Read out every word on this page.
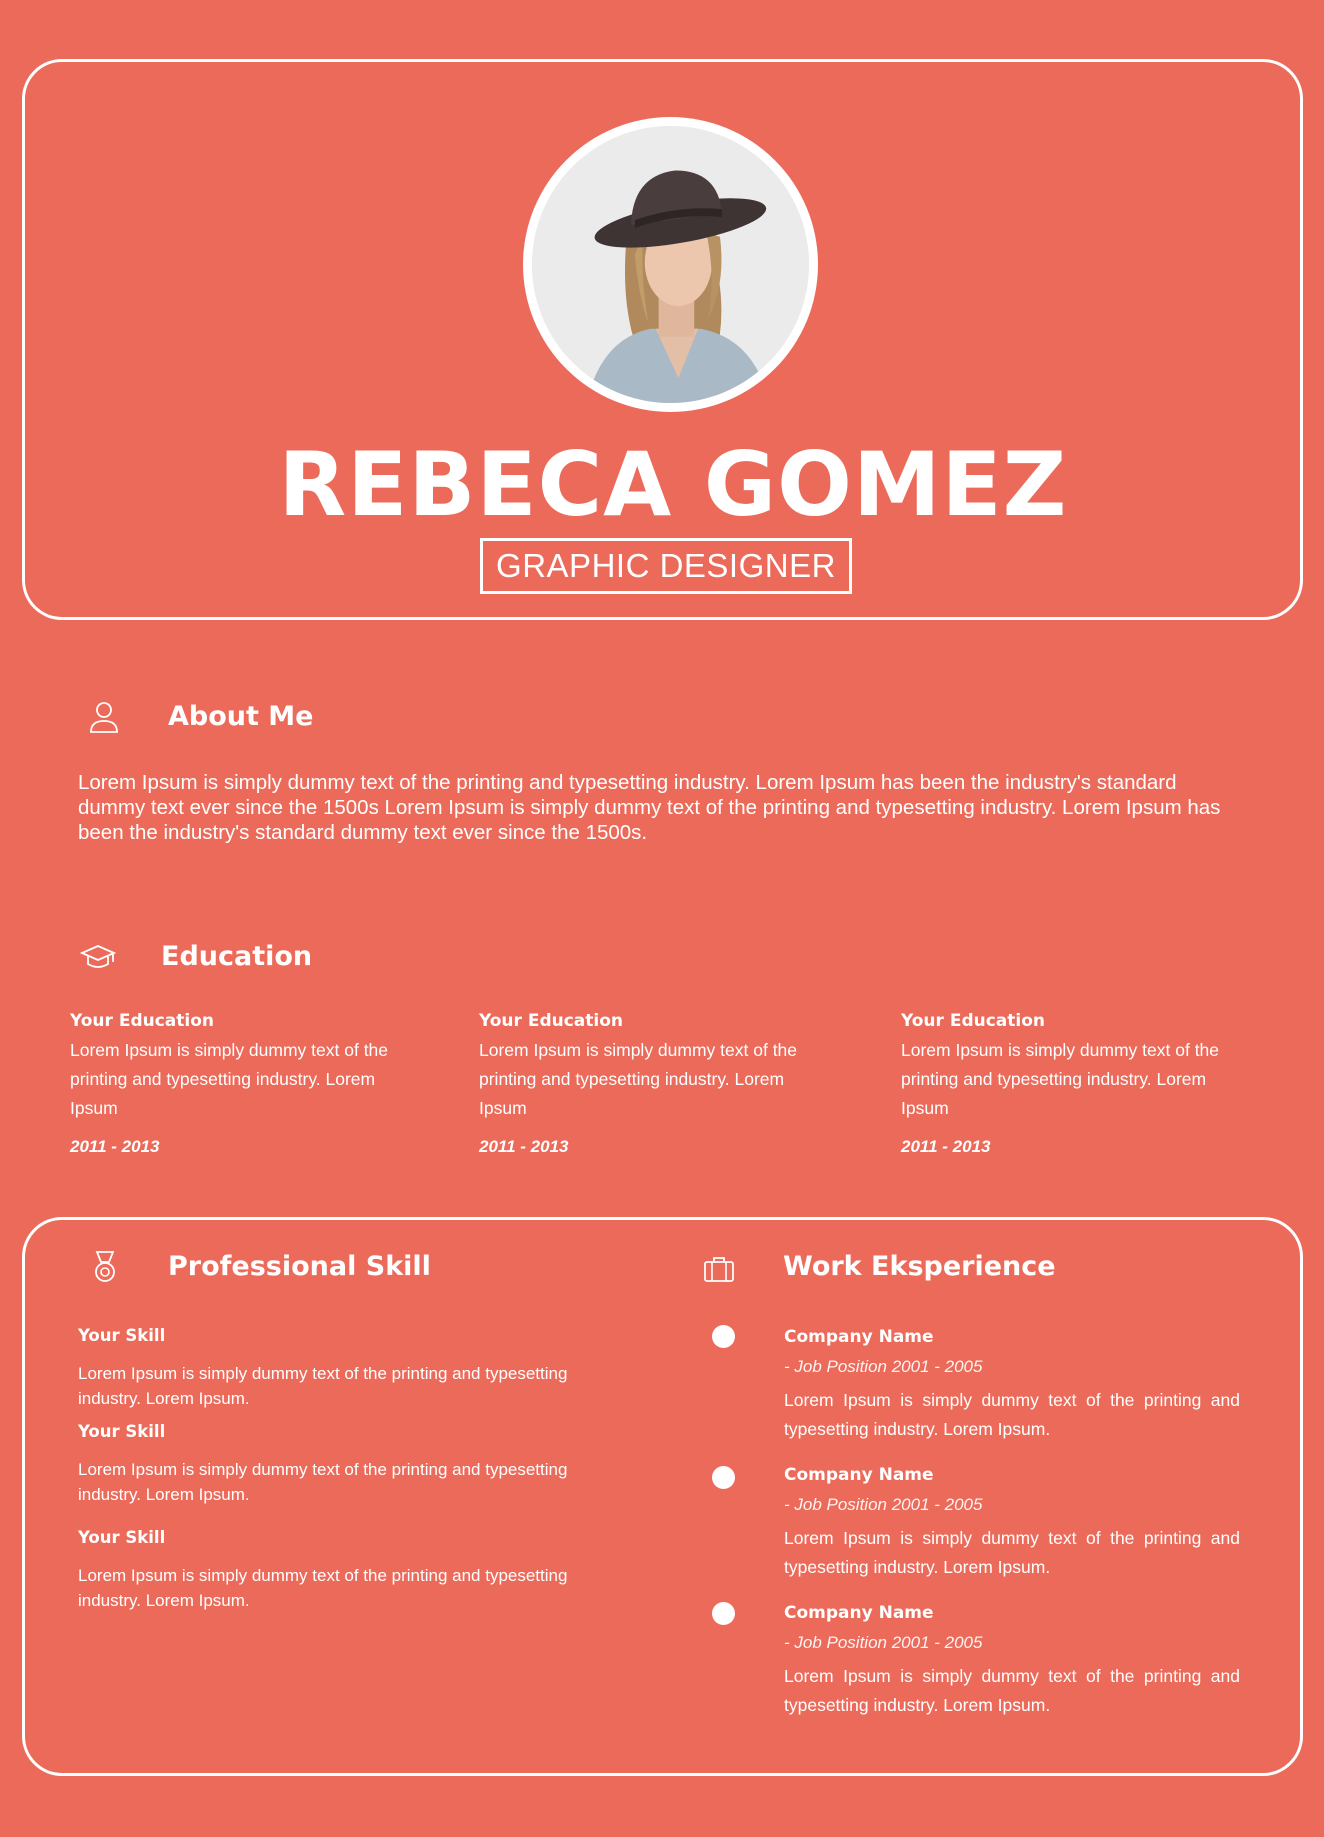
REBECA GOMEZ
GRAPHIC DESIGNER
About Me
Lorem Ipsum is simply dummy text of the printing and typesetting industry. Lorem Ipsum has been the industry's standard dummy text ever since the 1500s Lorem Ipsum is simply dummy text of the printing and typesetting industry. Lorem Ipsum has been the industry's standard dummy text ever since the 1500s.
Education
Your Education
Lorem Ipsum is simply dummy text of the printing and typesetting industry. Lorem Ipsum
2011 - 2013
Your Education
Lorem Ipsum is simply dummy text of the printing and typesetting industry. Lorem Ipsum
2011 - 2013
Your Education
Lorem Ipsum is simply dummy text of the printing and typesetting industry. Lorem Ipsum
2011 - 2013
Professional Skill
Your Skill
Lorem Ipsum is simply dummy text of the printing and typesetting industry. Lorem Ipsum.
Your Skill
Lorem Ipsum is simply dummy text of the printing and typesetting industry. Lorem Ipsum.
Your Skill
Lorem Ipsum is simply dummy text of the printing and typesetting industry. Lorem Ipsum.
Work Eksperience
Company Name
- Job Position 2001 - 2005
Lorem Ipsum is simply dummy text of the printing and typesetting industry. Lorem Ipsum.
Company Name
- Job Position 2001 - 2005
Lorem Ipsum is simply dummy text of the printing and typesetting industry. Lorem Ipsum.
Company Name
- Job Position 2001 - 2005
Lorem Ipsum is simply dummy text of the printing and typesetting industry. Lorem Ipsum.
